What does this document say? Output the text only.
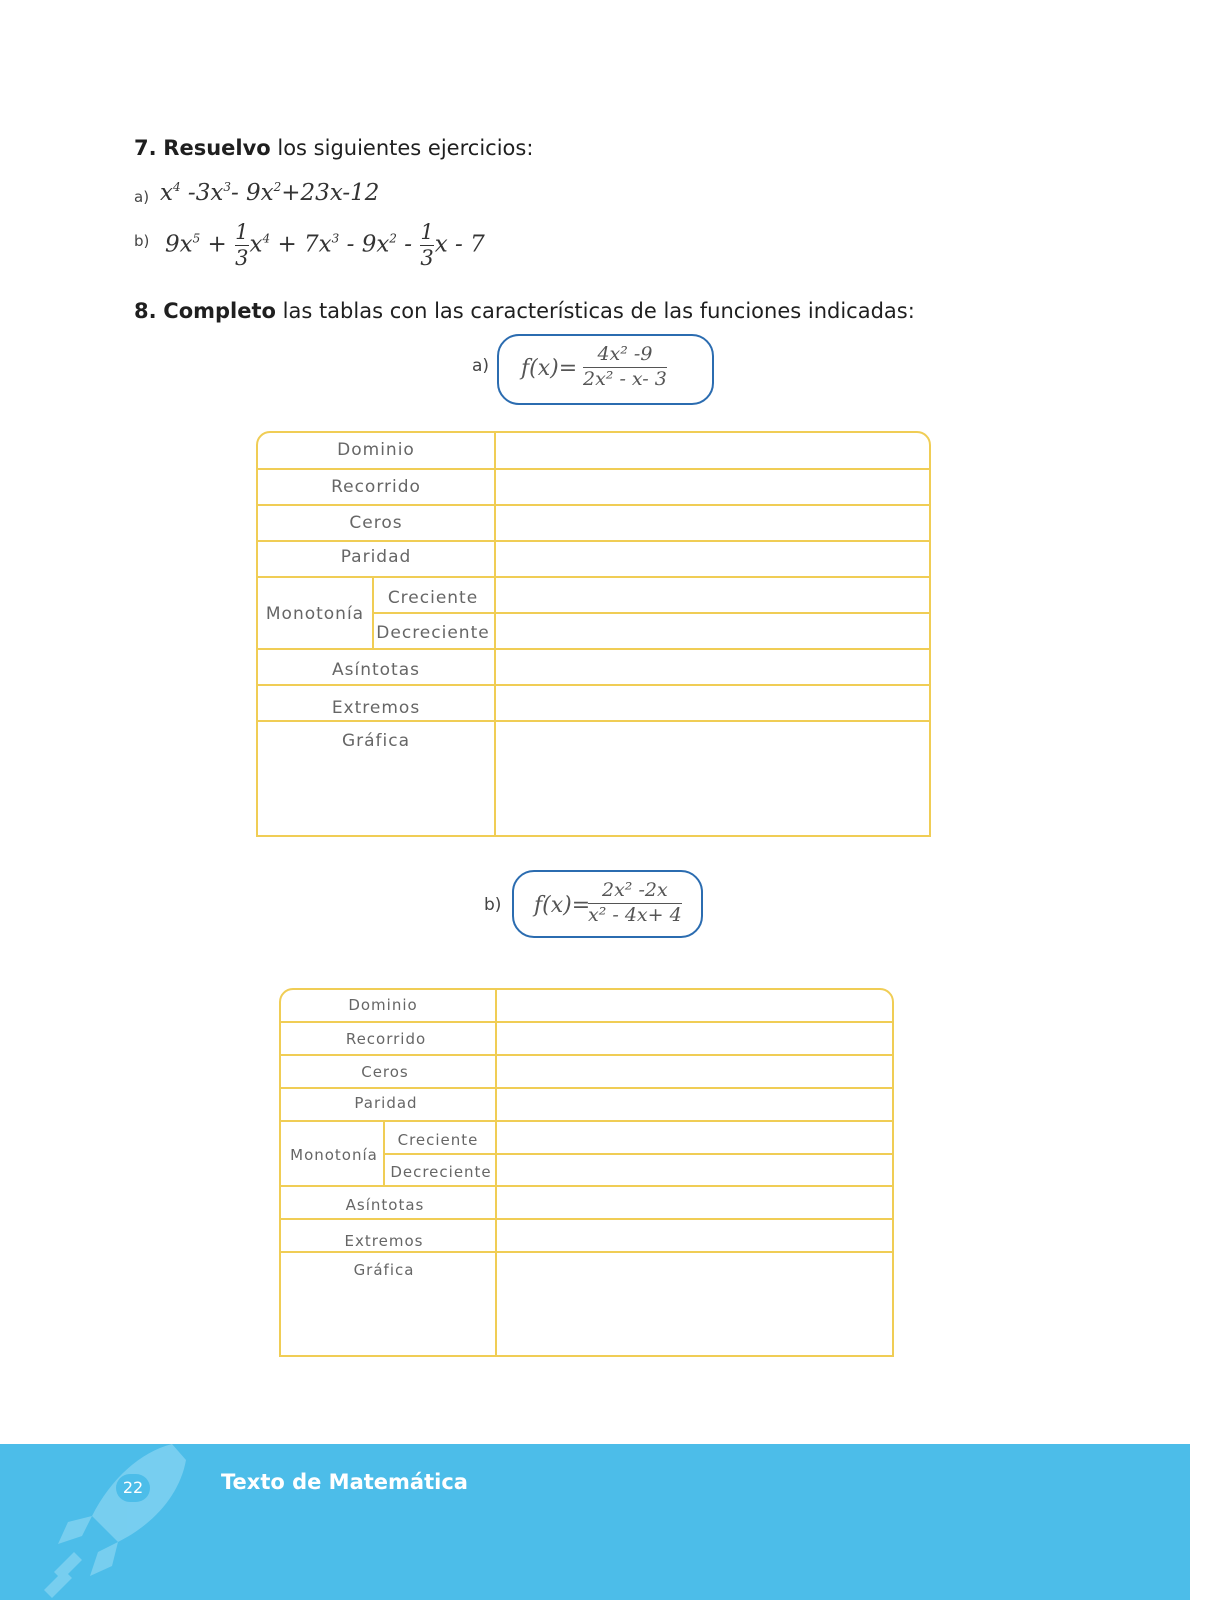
7. Resuelvo los siguientes ejercicios:
a) $x^4$ $-3x^3-$ $9x^2+23x-12$
b) $9x^5 + \frac{1}{3} x^4 + 7x^3 - 9x^2 - \frac{1}{3}$ x - 7
8. Completo las tablas con las características de las funciones indicadas:
a) $f(x)= \frac{\text{4x² -9}}{\text{2x² - x- 3}}$
Dominio
Recorrido
Ceros
Paridad
Monotonía
Creciente
Decreciente
Asíntotas
Extremos
Gráfica
b) f(x)=
$\frac{\text{2x² -2x}}{\text{x² - 4x+ 4}}$
Dominio
Recorrido
Ceros
Paridad
Monotonía
Creciente
Decreciente
Asíntotas
Extremos
Gráfica
22	Texto de Matemática
